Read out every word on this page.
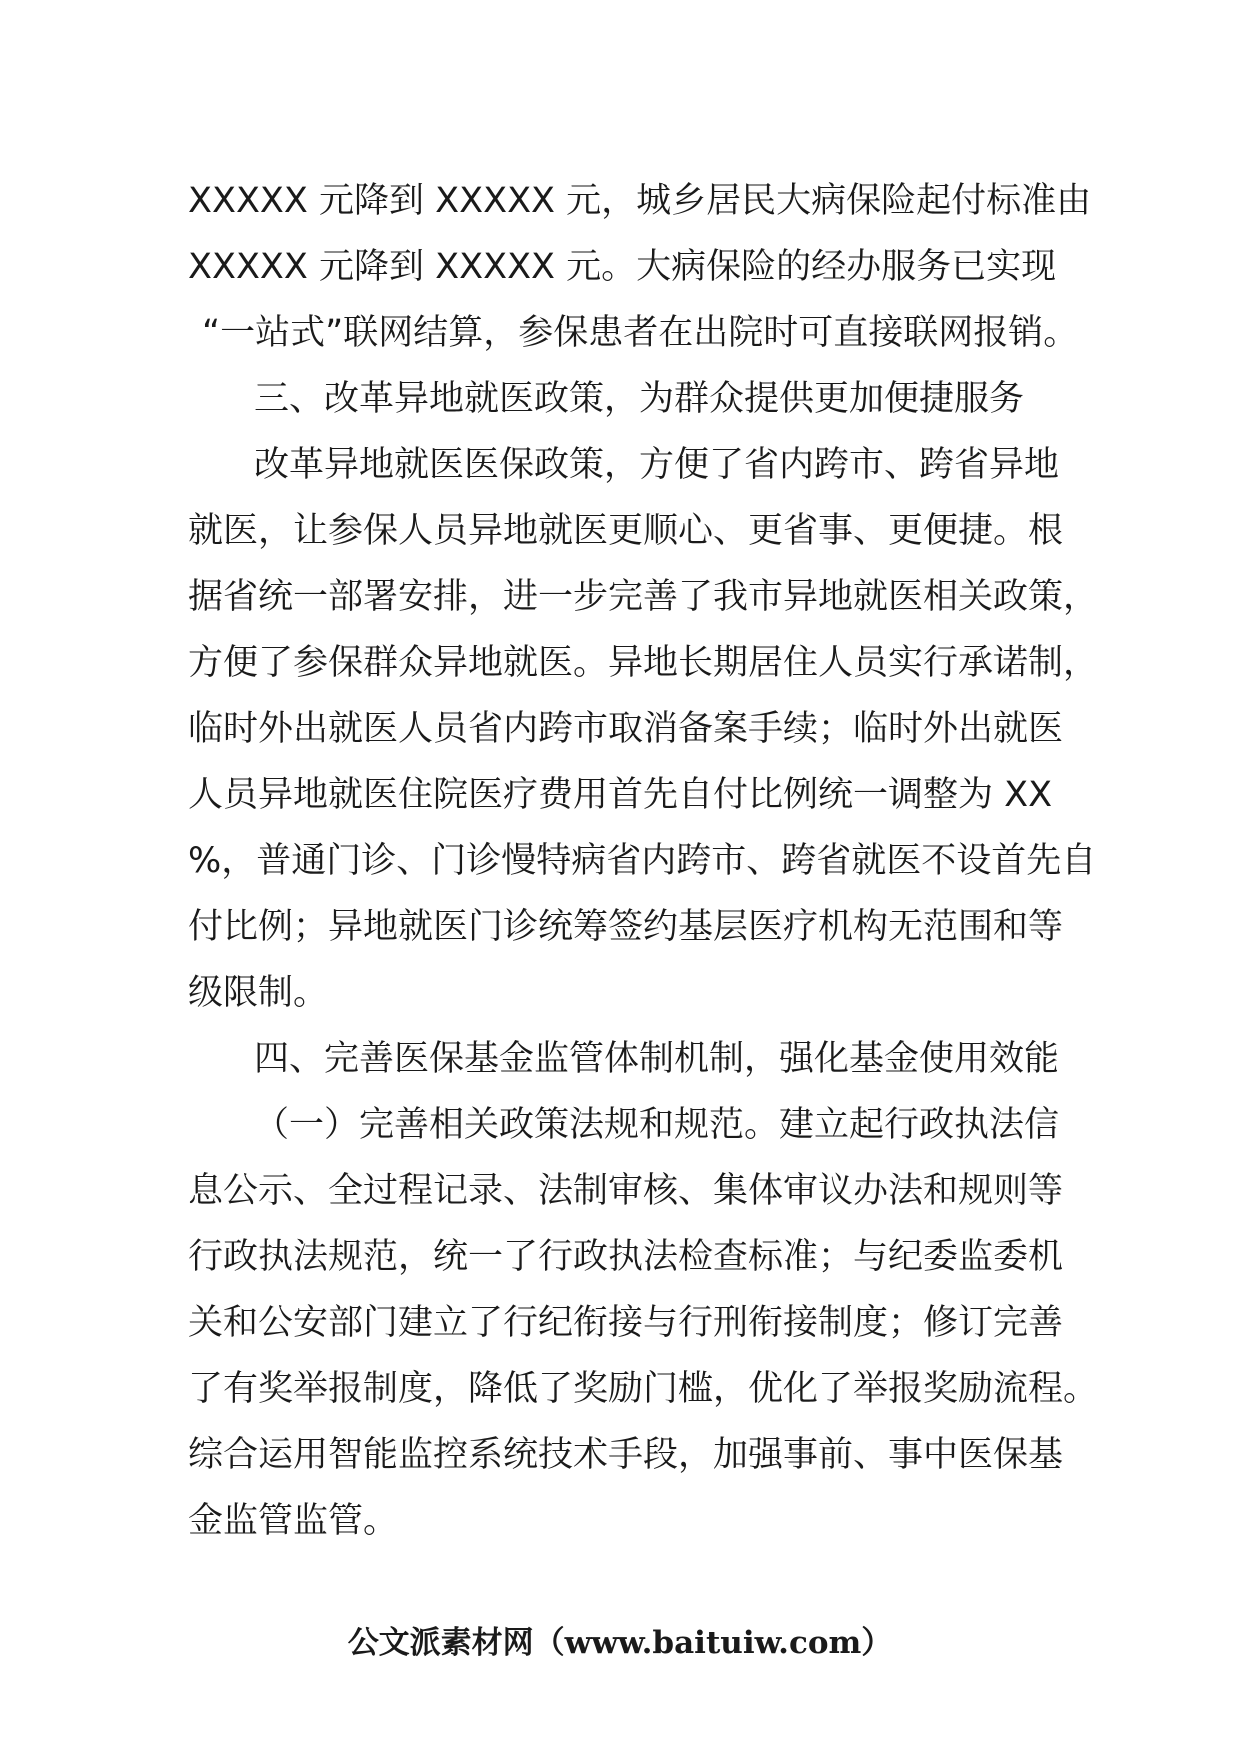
XXXXX 元降到 XXXXX 元，城乡居民大病保险起付标准由
XXXXX 元降到 XXXXX 元。大病保险的经办服务已实现
“一站式”联网结算，参保患者在出院时可直接联网报销。
三、改革异地就医政策，为群众提供更加便捷服务
改革异地就医医保政策，方便了省内跨市、跨省异地
就医，让参保人员异地就医更顺心、更省事、更便捷。根
据省统一部署安排，进一步完善了我市异地就医相关政策，
方便了参保群众异地就医。异地长期居住人员实行承诺制，
临时外出就医人员省内跨市取消备案手续；临时外出就医
人员异地就医住院医疗费用首先自付比例统一调整为 XX
%，普通门诊、门诊慢特病省内跨市、跨省就医不设首先自
付比例；异地就医门诊统筹签约基层医疗机构无范围和等
级限制。
四、完善医保基金监管体制机制，强化基金使用效能
（一）完善相关政策法规和规范。建立起行政执法信
息公示、全过程记录、法制审核、集体审议办法和规则等
行政执法规范，统一了行政执法检查标准；与纪委监委机
关和公安部门建立了行纪衔接与行刑衔接制度；修订完善
了有奖举报制度，降低了奖励门槛，优化了举报奖励流程。
综合运用智能监控系统技术手段，加强事前、事中医保基
金监管监管。
公文派素材网（www.baituiw.com）
